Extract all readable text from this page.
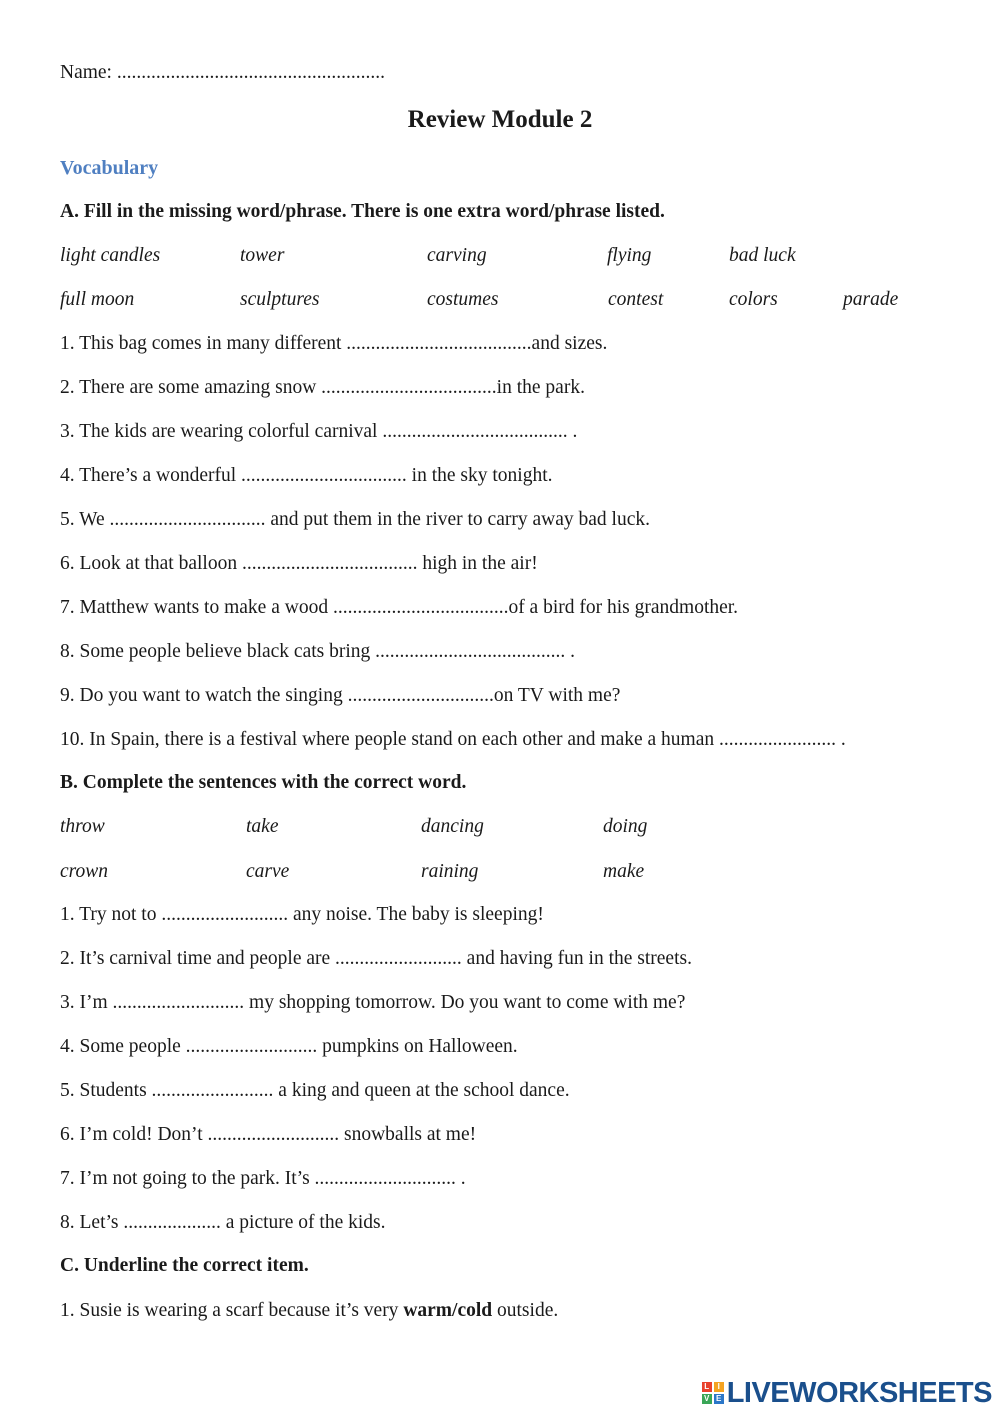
Name: .......................................................
Review Module 2
Vocabulary
A. Fill in the missing word/phrase. There is one extra word/phrase listed.
light candles	tower	carving	flying	bad luck
full moon	sculptures	costumes	contest	colors	parade
1. This bag comes in many different ......................................and sizes.
2. There are some amazing snow ....................................in the park.
3. The kids are wearing colorful carnival ...................................... .
4. There’s a wonderful .................................. in the sky tonight.
5. We ................................ and put them in the river to carry away bad luck.
6. Look at that balloon .................................... high in the air!
7. Matthew wants to make a wood ....................................of a bird for his grandmother.
8. Some people believe black cats bring ....................................... .
9. Do you want to watch the singing ..............................on TV with me?
10. In Spain, there is a festival where people stand on each other and make a human ........................ .
B. Complete the sentences with the correct word.
throw	take	dancing	doing
crown	carve	raining	make
1. Try not to .......................... any noise. The baby is sleeping!
2. It’s carnival time and people are .......................... and having fun in the streets.
3. I’m ........................... my shopping tomorrow. Do you want to come with me?
4. Some people ........................... pumpkins on Halloween.
5. Students ......................... a king and queen at the school dance.
6. I’m cold! Don’t ........................... snowballs at me!
7. I’m not going to the park. It’s ............................. .
8. Let’s .................... a picture of the kids.
C. Underline the correct item.
1. Susie is wearing a scarf because it’s very warm/cold outside.
L	I
V E LIVEWORKSHEETS
